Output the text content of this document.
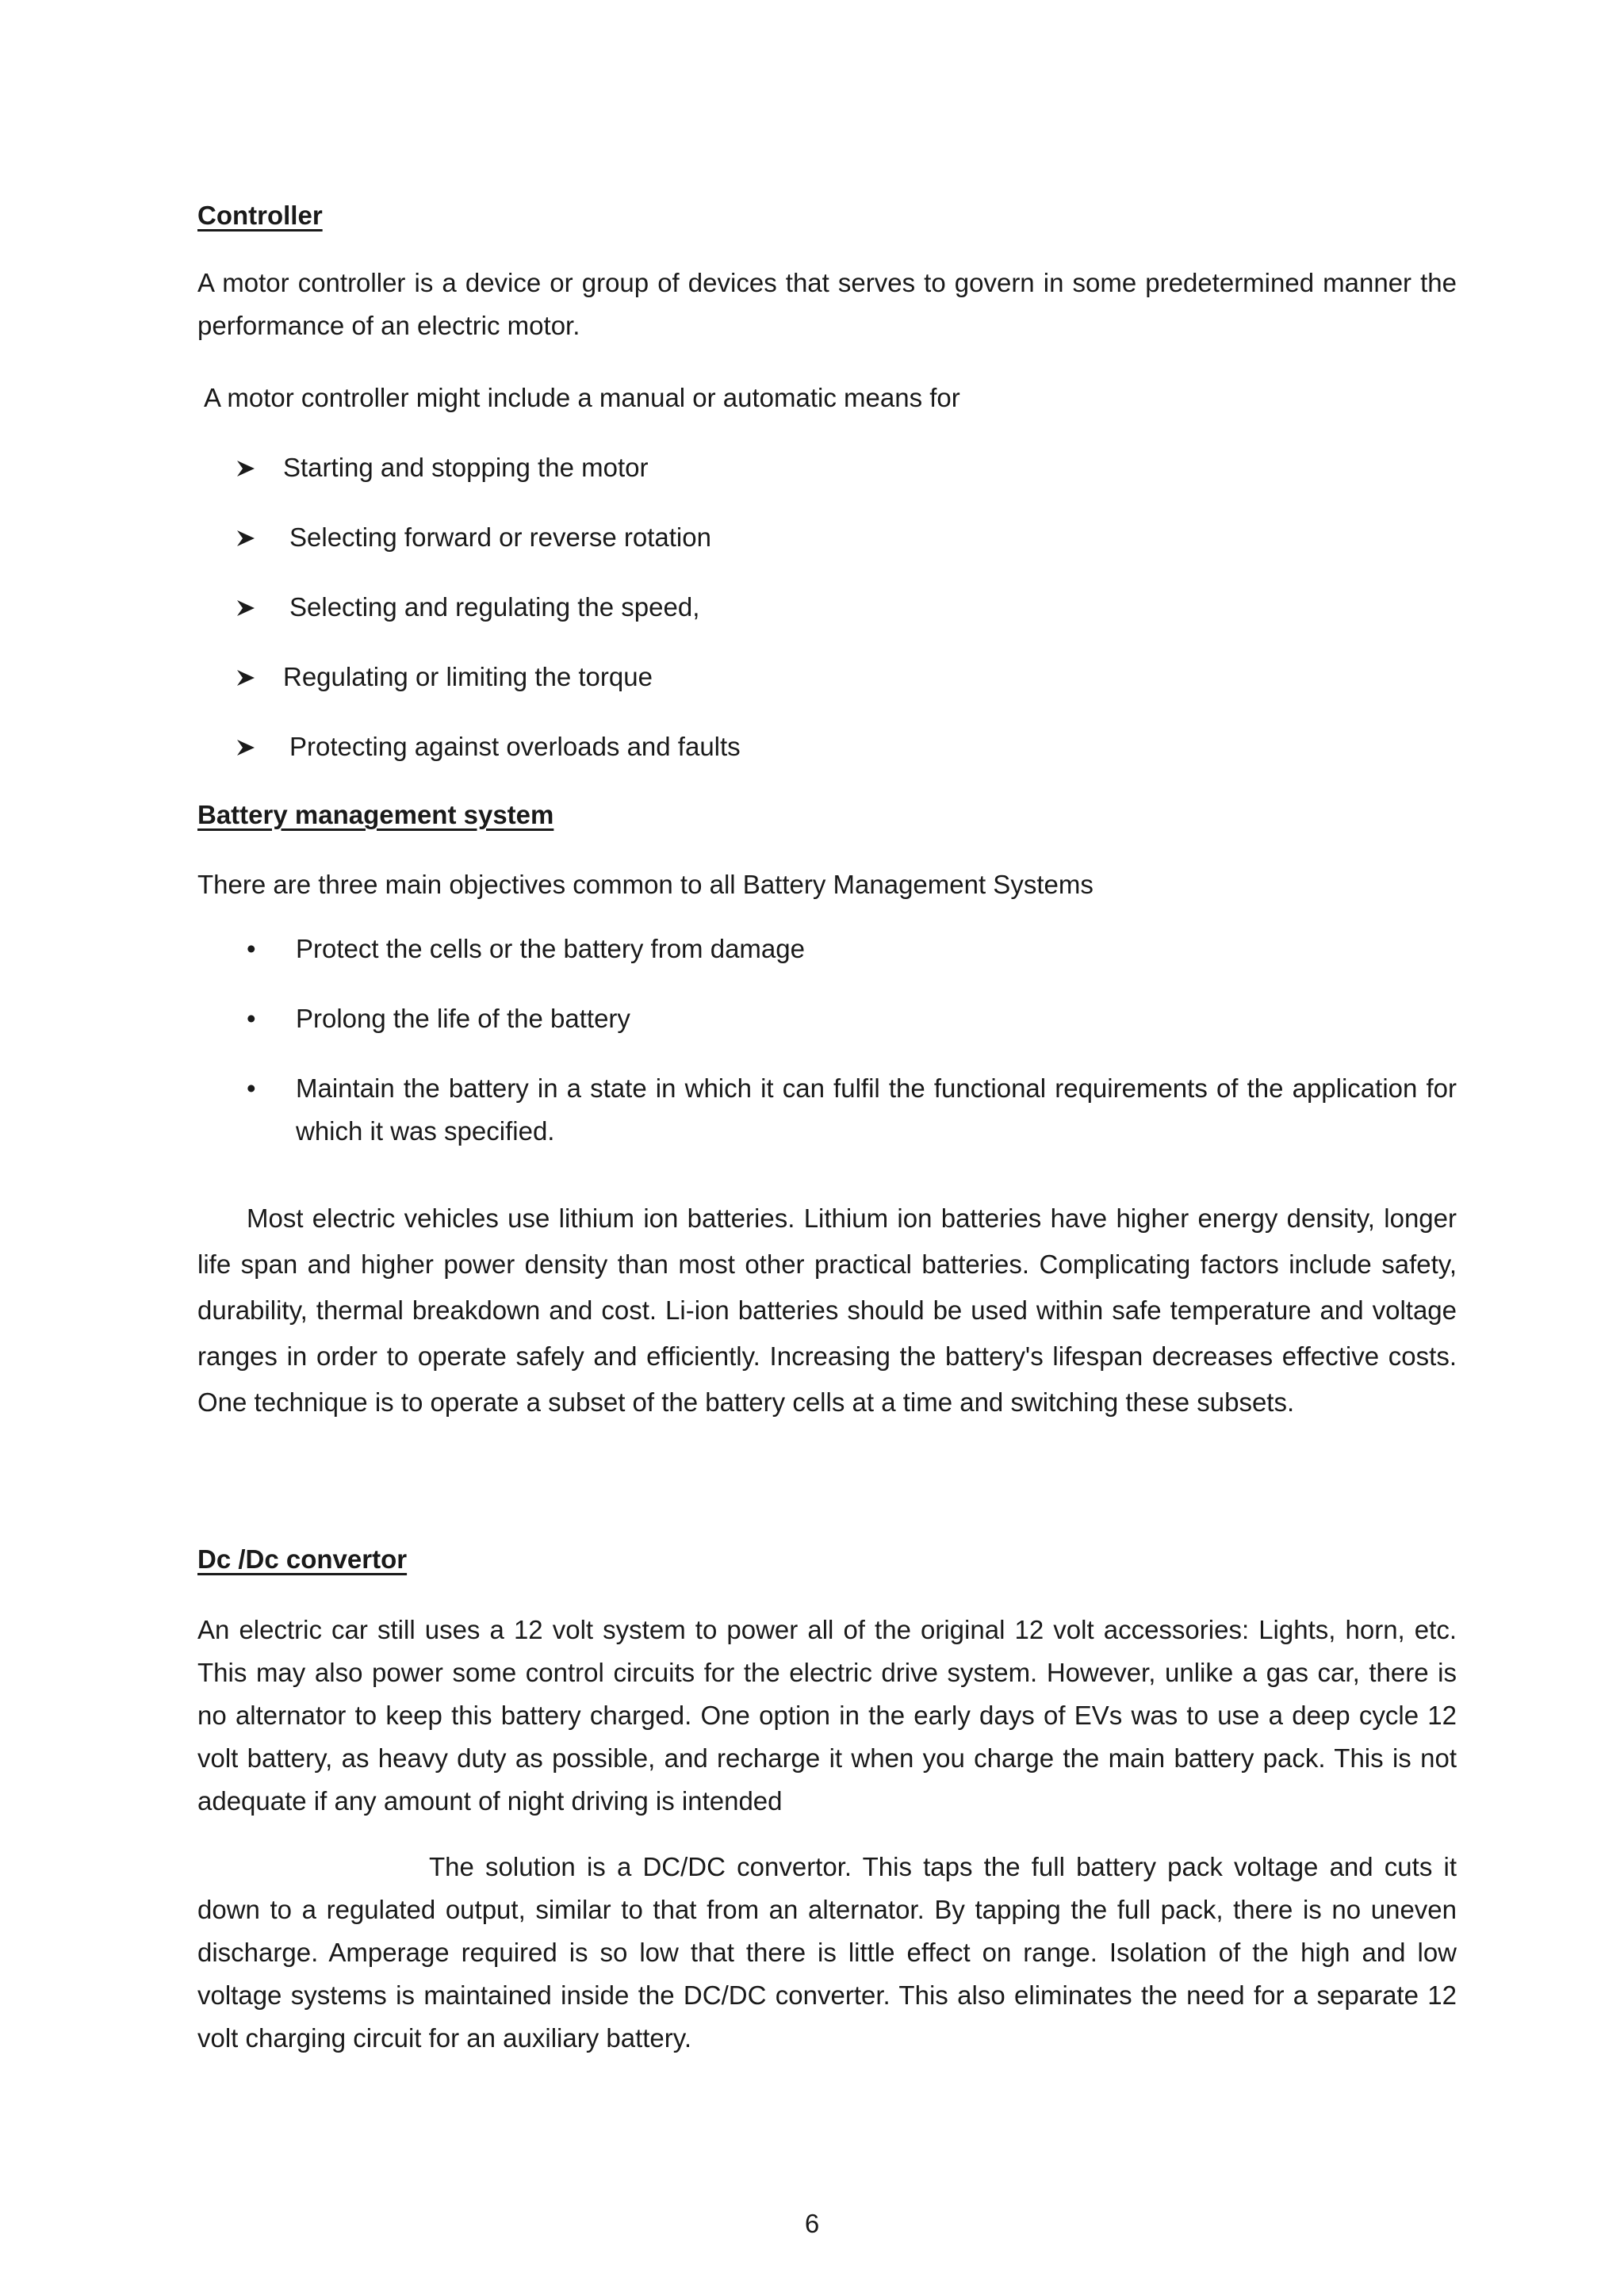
Controller

A motor controller is a device or group of devices that serves to govern in some predetermined manner the performance of an electric motor.

A motor controller might include a manual or automatic means for

Starting and stopping the motor
Selecting forward or reverse rotation
Selecting and regulating the speed,
Regulating or limiting the torque
Protecting against overloads and faults

Battery management system

There are three main objectives common to all Battery Management Systems

• Protect the cells or the battery from damage
• Prolong the life of the battery
• Maintain the battery in a state in which it can fulfil the functional requirements of the application for which it was specified.

Most electric vehicles use lithium ion batteries. Lithium ion batteries have higher energy density, longer life span and higher power density than most other practical batteries. Complicating factors include safety, durability, thermal breakdown and cost. Li-ion batteries should be used within safe temperature and voltage ranges in order to operate safely and efficiently. Increasing the battery's lifespan decreases effective costs. One technique is to operate a subset of the battery cells at a time and switching these subsets.

Dc /Dc convertor

An electric car still uses a 12 volt system to power all of the original 12 volt accessories: Lights, horn, etc. This may also power some control circuits for the electric drive system. However, unlike a gas car, there is no alternator to keep this battery charged. One option in the early days of EVs was to use a deep cycle 12 volt battery, as heavy duty as possible, and recharge it when you charge the main battery pack. This is not adequate if any amount of night driving is intended

The solution is a DC/DC convertor. This taps the full battery pack voltage and cuts it down to a regulated output, similar to that from an alternator. By tapping the full pack, there is no uneven discharge. Amperage required is so low that there is little effect on range. Isolation of the high and low voltage systems is maintained inside the DC/DC converter. This also eliminates the need for a separate 12 volt charging circuit for an auxiliary battery.

6
